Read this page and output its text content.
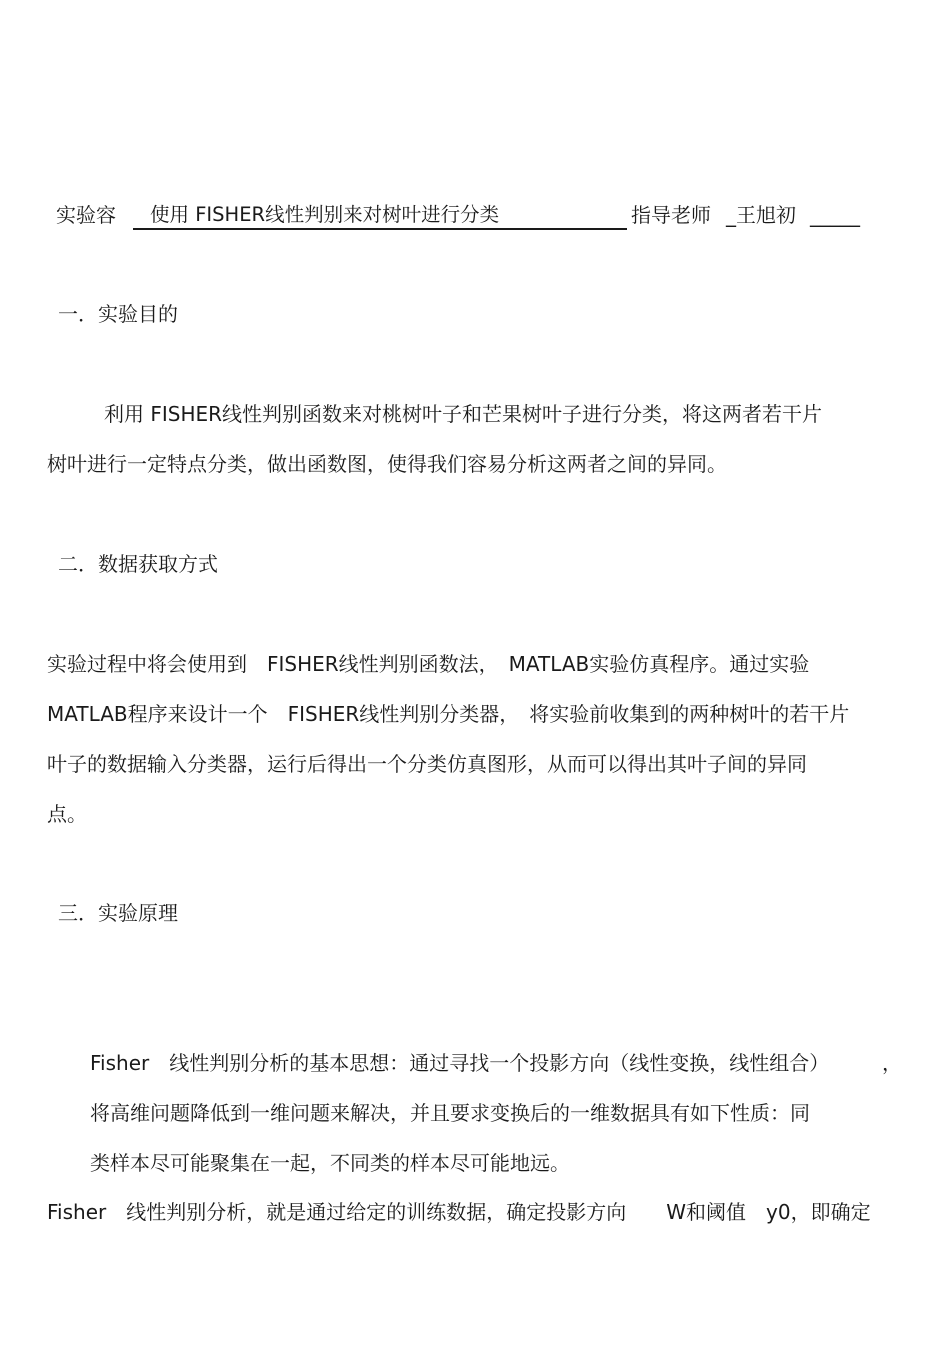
实验容 使用 FISHER线性判别来对树叶进行分类	指导老师 _王旭初 _____
一．实验目的
利用 FISHER线性判别函数来对桃树叶子和芒果树叶子进行分类，将这两者若干片
树叶进行一定特点分类，做出函数图，使得我们容易分析这两者之间的异同。
二．数据获取方式
实验过程中将会使用到　FISHER线性判别函数法，　MATLAB实验仿真程序。通过实验
MATLAB程序来设计一个　FISHER线性判别分类器，　将实验前收集到的两种树叶的若干片
叶子的数据输入分类器，运行后得出一个分类仿真图形，从而可以得出其叶子间的异同
点。
三．实验原理
Fisher　线性判别分析的基本思想：通过寻找一个投影方向（线性变换，线性组合）	，
将高维问题降低到一维问题来解决，并且要求变换后的一维数据具有如下性质：同
类样本尽可能聚集在一起，不同类的样本尽可能地远。
Fisher　线性判别分析，就是通过给定的训练数据，确定投影方向　　W和阈值　y0，即确定
